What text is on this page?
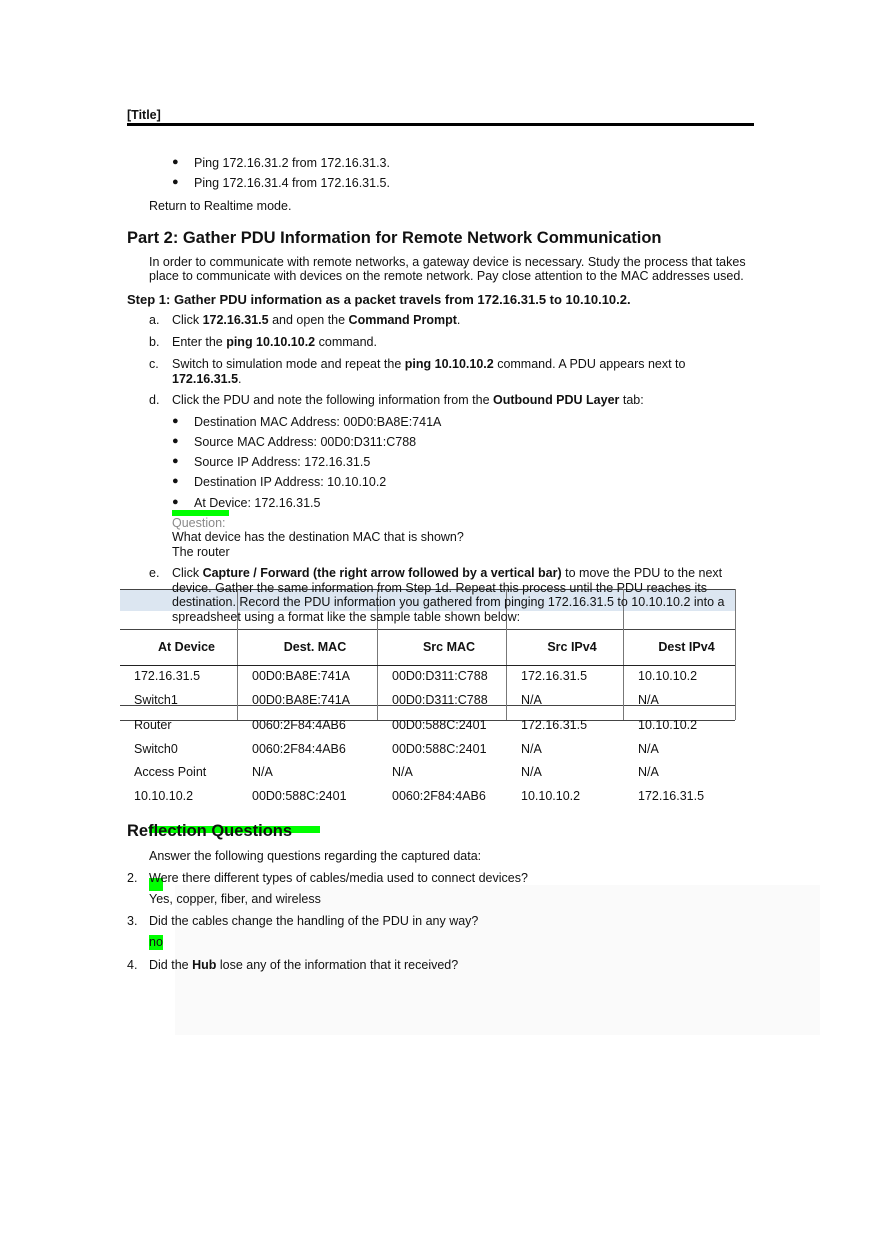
[Title]
● Ping 172.16.31.2 from 172.16.31.3.
● Ping 172.16.31.4 from 172.16.31.5.
Return to Realtime mode.
Part 2: Gather PDU Information for Remote Network Communication
In order to communicate with remote networks, a gateway device is necessary. Study the process that takes
place to communicate with devices on the remote network. Pay close attention to the MAC addresses used.
Step 1: Gather PDU information as a packet travels from 172.16.31.5 to 10.10.10.2.
a. Click 172.16.31.5 and open the Command Prompt.
b. Enter the ping 10.10.10.2 command.
c. Switch to simulation mode and repeat the ping 10.10.10.2 command. A PDU appears next to
172.16.31.5.
d. Click the PDU and note the following information from the Outbound PDU Layer tab:
● Destination MAC Address: 00D0:BA8E:741A
● Source MAC Address: 00D0:D311:C788
● Source IP Address: 172.16.31.5
● Destination IP Address: 10.10.10.2
● At Device: 172.16.31.5
Question:
What device has the destination MAC that is shown?
The router
e. Click Capture / Forward (the right arrow followed by a vertical bar) to move the PDU to the next
device. Gather the same information from Step 1d. Repeat this process until the PDU reaches its
destination. Record the PDU information you gathered from pinging 172.16.31.5 to 10.10.10.2 into a
spreadsheet using a format like the sample table shown below:
At Device	Dest. MAC	Src MAC	Src IPv4	Dest IPv4
172.16.31.5	00D0:BA8E:741A	00D0:D311:C788	172.16.31.5	10.10.10.2
Switch1	00D0:BA8E:741A	00D0:D311:C788	N/A	N/A
Router	0060:2F84:4AB6	00D0:588C:2401	172.16.31.5	10.10.10.2
Switch0	0060:2F84:4AB6	00D0:588C:2401	N/A	N/A
Access Point	N/A	N/A	N/A	N/A
10.10.10.2	00D0:588C:2401	0060:2F84:4AB6	10.10.10.2	172.16.31.5
Reflection Questions
Answer the following questions regarding the captured data:
2. Were there different types of cables/media used to connect devices?
Yes, copper, fiber, and wireless
3. Did the cables change the handling of the PDU in any way?
no
4. Did the Hub lose any of the information that it received?
